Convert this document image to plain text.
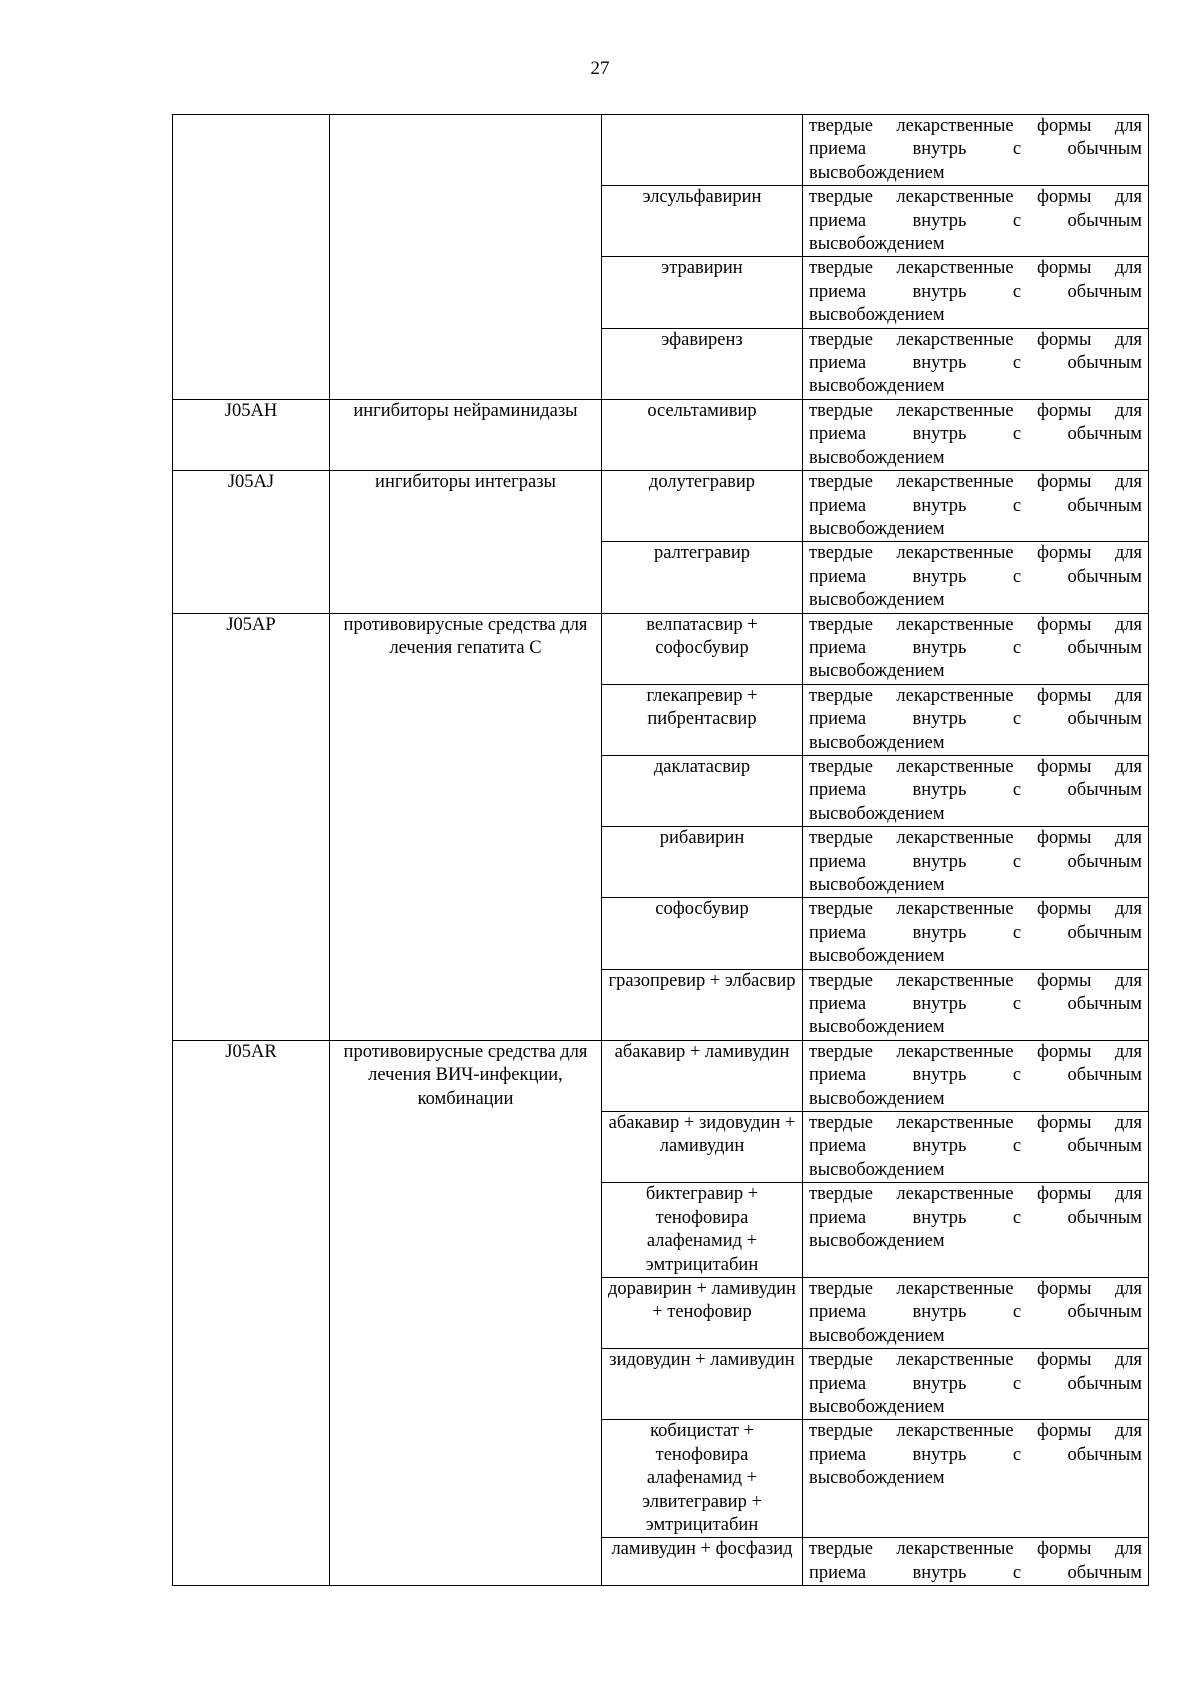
27

			твердые лекарственные формы для
приема внутрь с обычным
высвобождением

		элсульфавирин	твердые лекарственные формы для
приема внутрь с обычным
высвобождением

		этравирин	твердые лекарственные формы для
приема внутрь с обычным
высвобождением

		эфавиренз	твердые лекарственные формы для
приема внутрь с обычным
высвобождением

J05AH	ингибиторы нейраминидазы	осельтамивир	твердые лекарственные формы для
приема внутрь с обычным
высвобождением

J05AJ	ингибиторы интегразы	долутегравир	твердые лекарственные формы для
приема внутрь с обычным
высвобождением

		ралтегравир	твердые лекарственные формы для
приема внутрь с обычным
высвобождением

J05AP	противовирусные средства для лечения гепатита C	велпатасвир + софосбувир	твердые лекарственные формы для
приема внутрь с обычным
высвобождением

		глекапревир + пибрентасвир	твердые лекарственные формы для
приема внутрь с обычным
высвобождением

		даклатасвир	твердые лекарственные формы для
приема внутрь с обычным
высвобождением

		рибавирин	твердые лекарственные формы для
приема внутрь с обычным
высвобождением

		софосбувир	твердые лекарственные формы для
приема внутрь с обычным
высвобождением

		гразопревир + элбасвир	твердые лекарственные формы для
приема внутрь с обычным
высвобождением

J05AR	противовирусные средства для лечения ВИЧ-инфекции, комбинации	абакавир + ламивудин	твердые лекарственные формы для
приема внутрь с обычным
высвобождением

		абакавир + зидовудин + ламивудин	твердые лекарственные формы для
приема внутрь с обычным
высвобождением

		биктегравир + тенофовира алафенамид + эмтрицитабин	твердые лекарственные формы для
приема внутрь с обычным
высвобождением

		доравирин + ламивудин + тенофовир	твердые лекарственные формы для
приема внутрь с обычным
высвобождением

		зидовудин + ламивудин	твердые лекарственные формы для
приема внутрь с обычным
высвобождением

		кобицистат + тенофовира алафенамид + элвитегравир + эмтрицитабин	твердые лекарственные формы для
приема внутрь с обычным
высвобождением

		ламивудин + фосфазид	твердые лекарственные формы для
приема внутрь с обычным
